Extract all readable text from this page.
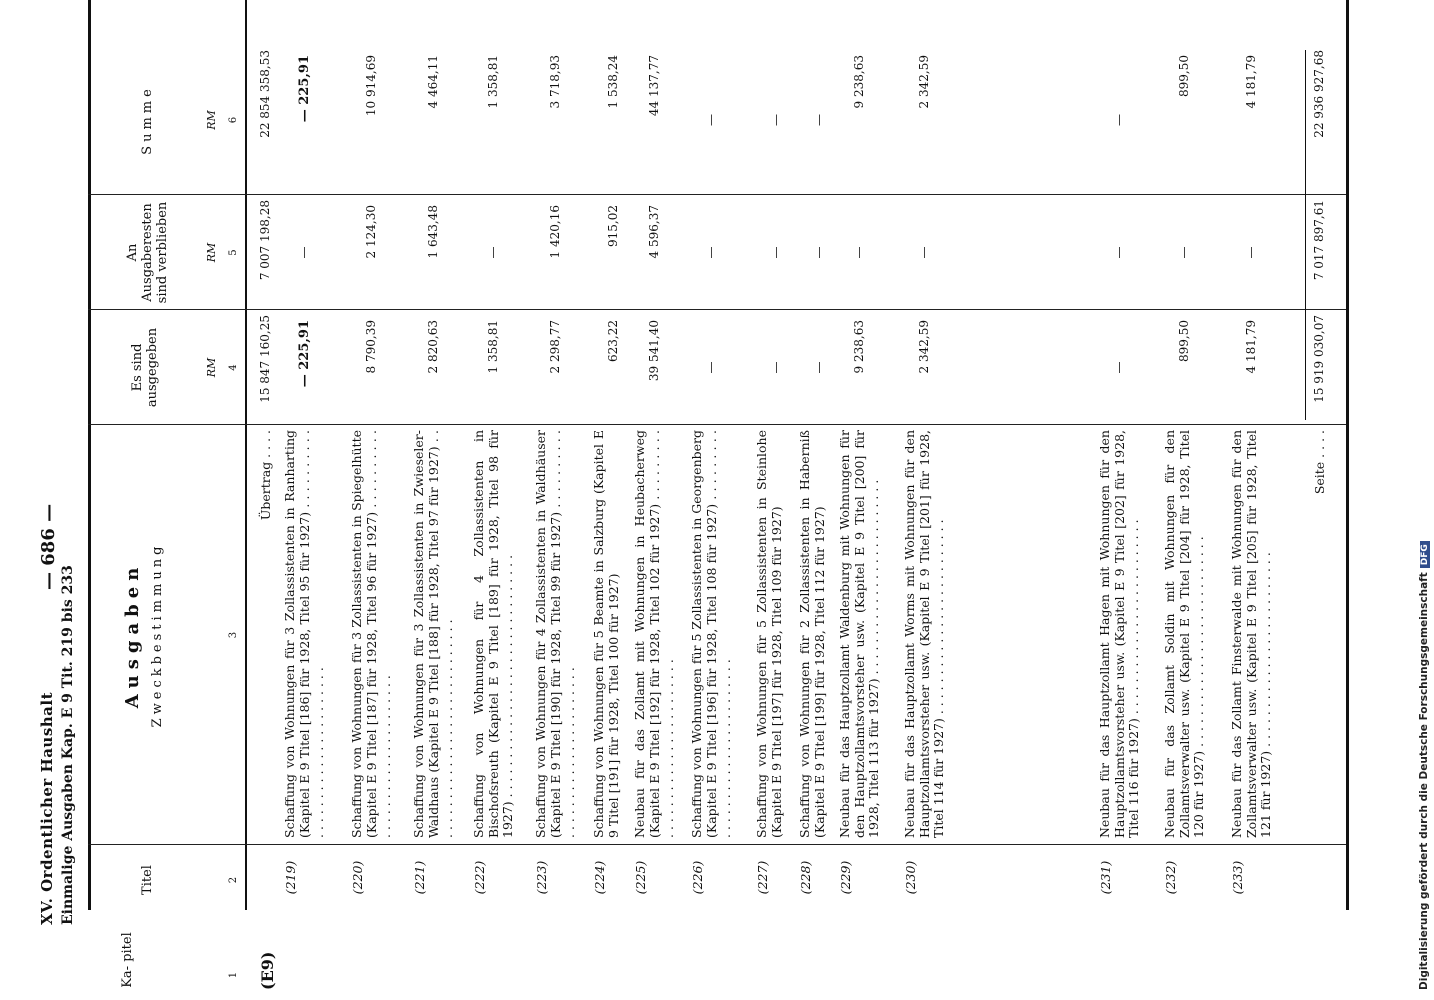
XV. Ordentlicher Haushalt Einmalige Ausgaben Kap. E 9 Tit. 219 bis 233
— 686 —
Ka- pitel
Titel
Ausgaben Zweckbestimmung
Es sind ausgegeben
An Ausgaberesten sind verblieben
Summe
RM
RM
RM
1
2
3
4
5
6
(E9)
Übertrag . . . .
15 847 160,25
7 007 198,28
22 854 358,53
(219)
Schaffung von Wohnungen für 3 Zollassistenten in Ranharting (Kapitel E 9 Titel [186] für 1928, Titel 95 für 1927) . . . . . . . . . . . . . . . . . . . . . . . . . . . . . . . .
— 225,91
—
— 225,91
(220)
Schaffung von Wohnungen für 3 Zollassistenten in Spiegelhütte (Kapitel E 9 Titel [187] für 1928, Titel 96 für 1927) . . . . . . . . . . . . . . . . . . . . . . . . . . . . . . .
8 790,39
2 124,30
10 914,69
(221)
Schaffung von Wohnungen für 3 Zollassistenten in Zwieseler-Waldhaus (Kapitel E 9 Titel [188] für 1928, Titel 97 für 1927) . . . . . . . . . . . . . . . . . . . . . . . . . . . . . .
2 820,63
1 643,48
4 464,11
(222)
Schaffung von Wohnungen für 4 Zollassistenten in Bischofsreuth (Kapitel E 9 Titel [189] für 1928, Titel 98 für 1927) . . . . . . . . . . . . . . . . . . . . . . . . . . . . . . .
1 358,81
—
1 358,81
(223)
Schaffung von Wohnungen für 4 Zollassistenten in Waldhäuser (Kapitel E 9 Titel [190] für 1928, Titel 99 für 1927) . . . . . . . . . . . . . . . . . . . . . . . . . . . . . . . .
2 298,77
1 420,16
3 718,93
(224)
Schaffung von Wohnungen für 5 Beamte in Salzburg (Kapitel E 9 Titel [191] für 1928, Titel 100 für 1927)
623,22
915,02
1 538,24
(225)
Neubau für das Zollamt mit Wohnungen in Heubacherweg (Kapitel E 9 Titel [192] für 1928, Titel 102 für 1927) . . . . . . . . . . . . . . . . . . . . . . . . . . . . . . . .
39 541,40
4 596,37
44 137,77
(226)
Schaffung von Wohnungen für 5 Zollassistenten in Georgenberg (Kapitel E 9 Titel [196] für 1928, Titel 108 für 1927) . . . . . . . . . . . . . . . . . . . . . . . . . . . . . . . .
—
—
—
(227)
Schaffung von Wohnungen für 5 Zollassistenten in Steinlohe (Kapitel E 9 Titel [197] für 1928, Titel 109 für 1927)
—
—
—
(228)
Schaffung von Wohnungen für 2 Zollassistenten in Haberniß (Kapitel E 9 Titel [199] für 1928, Titel 112 für 1927)
—
—
—
(229)
Neubau für das Hauptzollamt Waldenburg mit Wohnungen für den Hauptzollamtsvorsteher usw. (Kapitel E 9 Titel [200] für 1928, Titel 113 für 1927) . . . . . . . . . . . . . . . . . . . . . . . . .
9 238,63
—
9 238,63
(230)
Neubau für das Hauptzollamt Worms mit Wohnungen für den Hauptzollamtsvorsteher usw. (Kapitel E 9 Titel [201] für 1928, Titel 114 für 1927) . . . . . . . . . . . . . . . . . . . . . . . . .
2 342,59
—
2 342,59
(231)
Neubau für das Hauptzollamt Hagen mit Wohnungen für den Hauptzollamtsvorsteher usw. (Kapitel E 9 Titel [202] für 1928, Titel 116 für 1927) . . . . . . . . . . . . . . . . . . . . . . . . .
—
—
—
(232)
Neubau für das Zollamt Soldin mit Wohnungen für den Zollamtsverwalter usw. (Kapitel E 9 Titel [204] für 1928, Titel 120 für 1927) . . . . . . . . . . . . . . . . . . . . . . . . . . .
899,50
—
899,50
(233)
Neubau für das Zollamt Finsterwalde mit Wohnungen für den Zollamtsverwalter usw. (Kapitel E 9 Titel [205] für 1928, Titel 121 für 1927) . . . . . . . . . . . . . . . . . . . . . . . . .
4 181,79
—
4 181,79
Seite . . . .
15 919 030,07
7 017 897,61
22 936 927,68
Digitalisierung gefördert durch die Deutsche ForschungsgemeinschaftDFG
